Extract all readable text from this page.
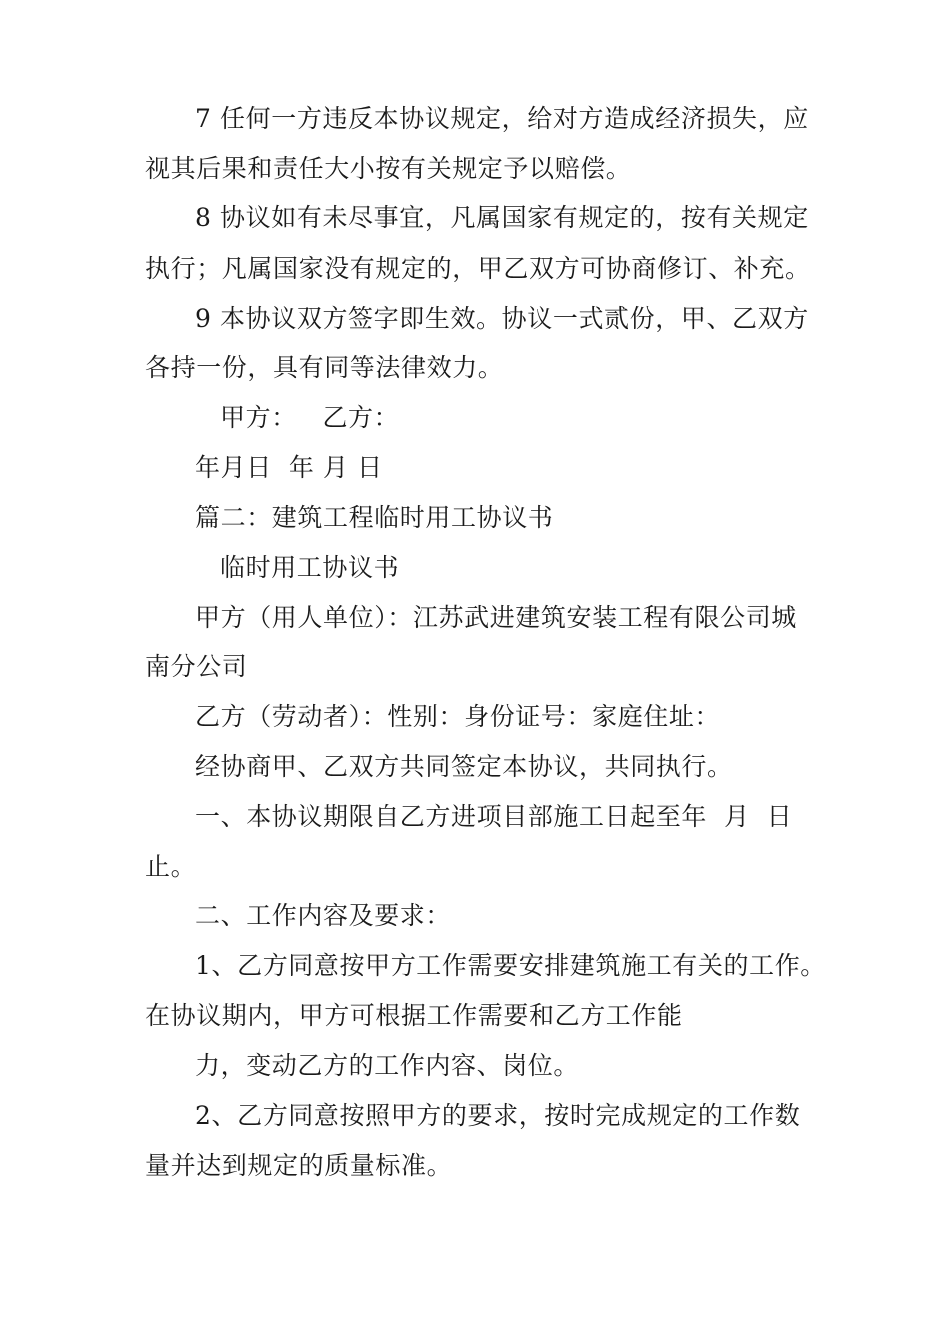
7 任何一方违反本协议规定，给对方造成经济损失，应
视其后果和责任大小按有关规定予以赔偿。
8 协议如有未尽事宜，凡属国家有规定的，按有关规定
执行；凡属国家没有规定的，甲乙双方可协商修订、补充。
9 本协议双方签字即生效。协议一式贰份，甲、乙双方
各持一份，具有同等法律效力。
甲方：   乙方：
年月日  年 月 日
篇二：建筑工程临时用工协议书
临时用工协议书
甲方（用人单位）：江苏武进建筑安装工程有限公司城
南分公司
乙方（劳动者）：性别：身份证号：家庭住址：
经协商甲、乙双方共同签定本协议，共同执行。
一、本协议期限自乙方进项目部施工日起至年  月  日
止。
二、工作内容及要求：
1、乙方同意按甲方工作需要安排建筑施工有关的工作。
在协议期内，甲方可根据工作需要和乙方工作能
力，变动乙方的工作内容、岗位。
2、乙方同意按照甲方的要求，按时完成规定的工作数
量并达到规定的质量标准。
